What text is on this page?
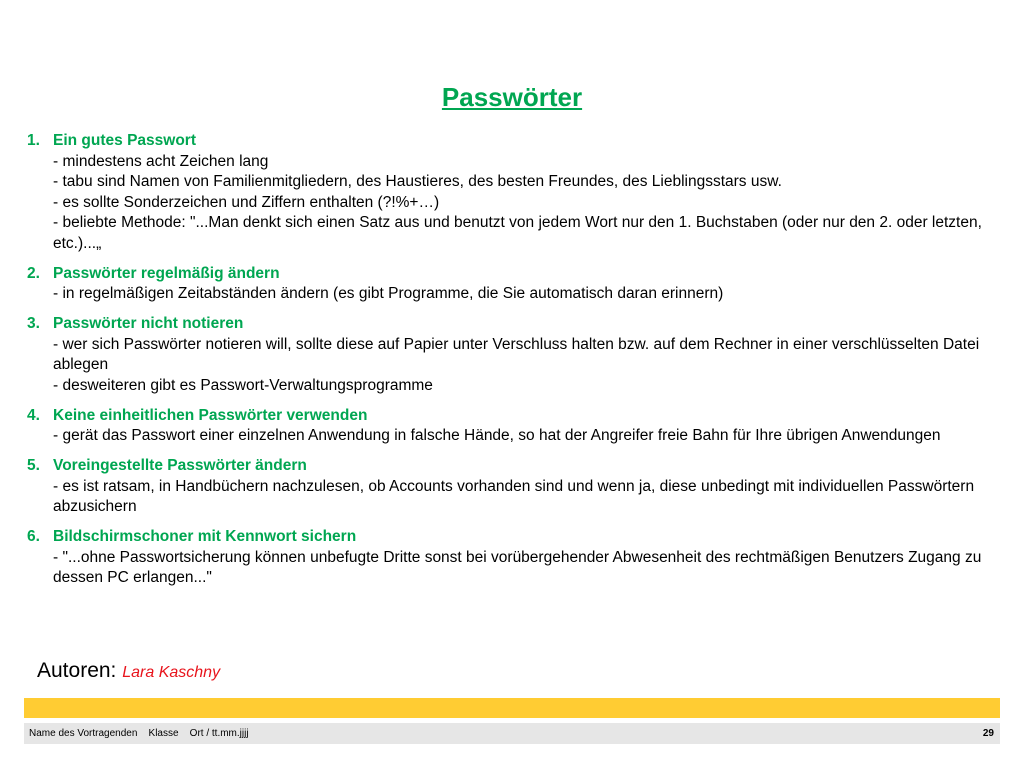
Passwörter
1. Ein gutes Passwort
- mindestens acht Zeichen lang
- tabu sind Namen von Familienmitgliedern, des Haustieres, des besten Freundes, des Lieblingsstars usw.
- es sollte Sonderzeichen und Ziffern enthalten (?!%+…)
- beliebte Methode: "...Man denkt sich einen Satz aus und benutzt von jedem Wort nur den 1. Buchstaben (oder nur den 2. oder letzten, etc.)...„
2. Passwörter regelmäßig ändern
- in regelmäßigen Zeitabständen ändern (es gibt Programme, die Sie automatisch daran erinnern)
3. Passwörter nicht notieren
- wer sich Passwörter notieren will, sollte diese auf Papier unter Verschluss halten bzw. auf dem Rechner in einer verschlüsselten Datei ablegen
- desweiteren gibt es Passwort-Verwaltungsprogramme
4. Keine einheitlichen Passwörter verwenden
- gerät das Passwort einer einzelnen Anwendung in falsche Hände, so hat der Angreifer freie Bahn für Ihre übrigen Anwendungen
5. Voreingestellte Passwörter ändern
- es ist ratsam, in Handbüchern nachzulesen, ob Accounts vorhanden sind und wenn ja, diese unbedingt mit individuellen Passwörtern abzusichern
6. Bildschirmschoner mit Kennwort sichern
- "...ohne Passwortsicherung können unbefugte Dritte sonst bei vorübergehender Abwesenheit des rechtmäßigen Benutzers Zugang zu dessen PC erlangen..."
Autoren: Lara Kaschny
Name des Vortragenden Klasse Ort / tt.mm.jjjj	29
